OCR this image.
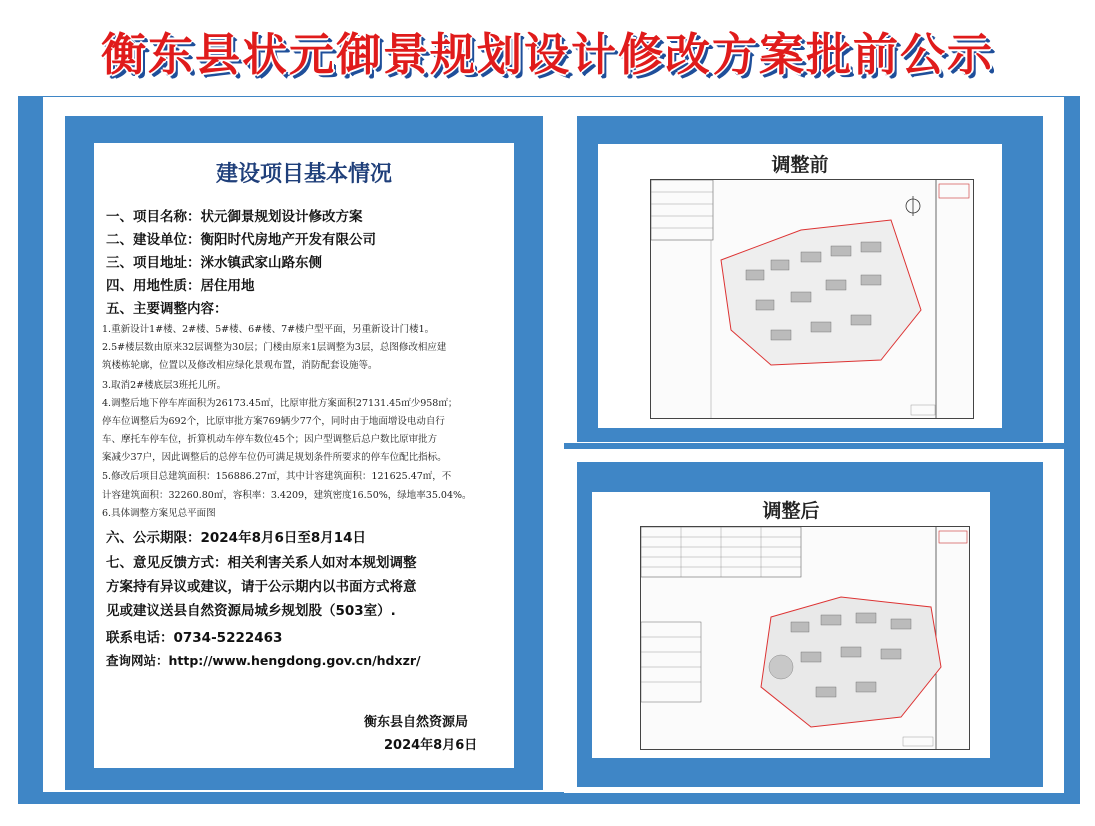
衡东县状元御景规划设计修改方案批前公示
建设项目基本情况
一、项目名称：状元御景规划设计修改方案
二、建设单位：衡阳时代房地产开发有限公司
三、项目地址：洣水镇武家山路东侧
四、用地性质：居住用地
五、主要调整内容：
1.重新设计1#楼、2#楼、5#楼、6#楼、7#楼户型平面，另重新设计门楼1。
2.5#楼层数由原来32层调整为30层；门楼由原来1层调整为3层，总图修改相应建
筑楼栋轮廓，位置以及修改相应绿化景观布置，消防配套设施等。
3.取消2#楼底层3班托儿所。
4.调整后地下停车库面积为26173.45㎡，比原审批方案面积27131.45㎡少958㎡；
停车位调整后为692个，比原审批方案769辆少77个，同时由于地面增设电动自行
车、摩托车停车位，折算机动车停车数位45个；因户型调整后总户数比原审批方
案减少37户，因此调整后的总停车位仍可满足规划条件所要求的停车位配比指标。
5.修改后项目总建筑面积：156886.27㎡，其中计容建筑面积：121625.47㎡，不
计容建筑面积：32260.80㎡，容积率：3.4209，建筑密度16.50%，绿地率35.04%。
6.具体调整方案见总平面图
六、公示期限：2024年8月6日至8月14日
七、意见反馈方式：相关利害关系人如对本规划调整
方案持有异议或建议，请于公示期内以书面方式将意
见或建议送县自然资源局城乡规划股（503室）.
联系电话：0734-5222463
查询网站：http://www.hengdong.gov.cn/hdxzr/
衡东县自然资源局
2024年8月6日
调整前
调整后
